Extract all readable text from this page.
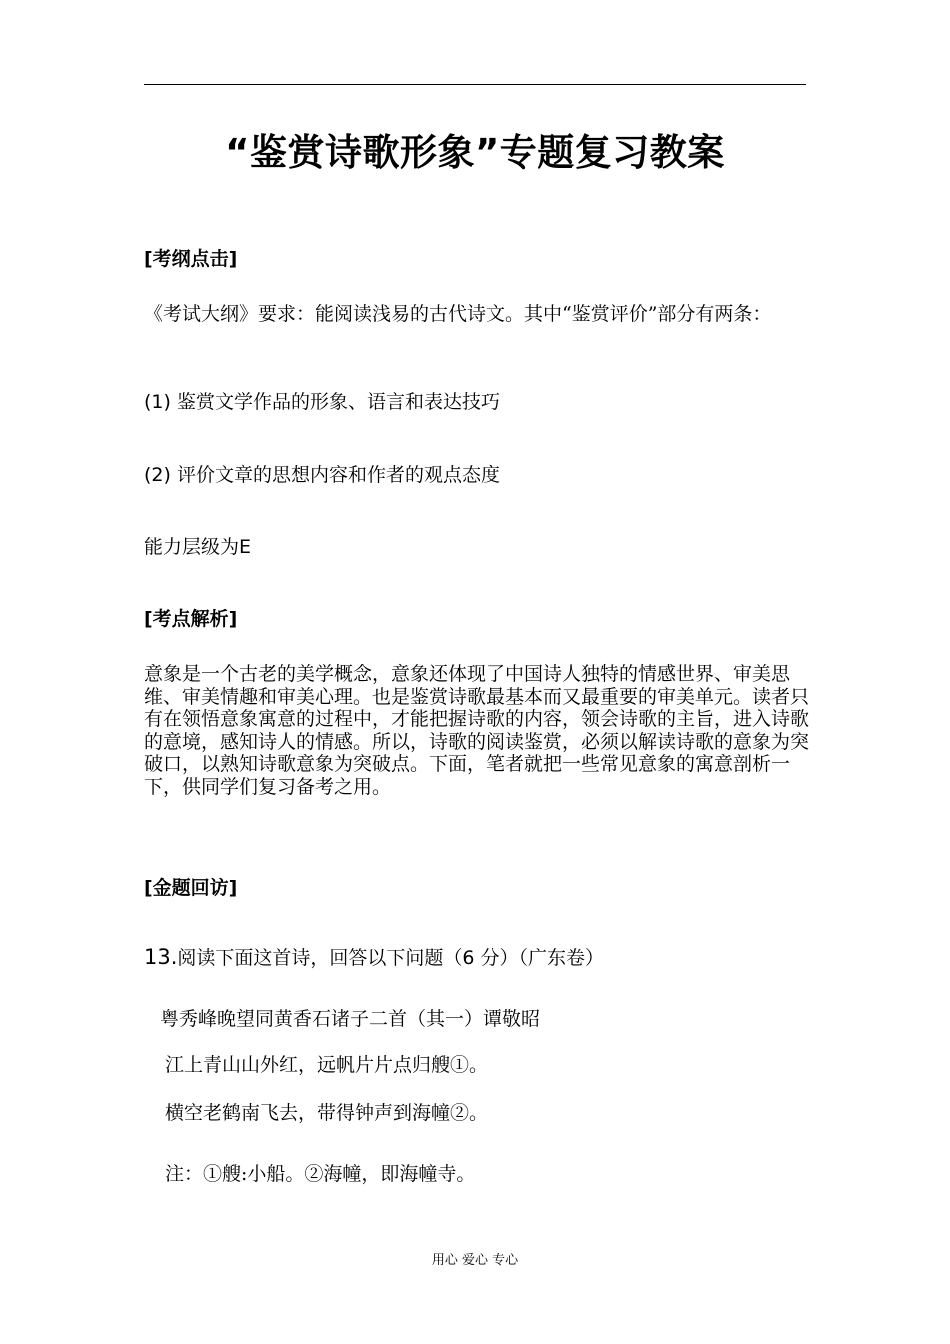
“鉴赏诗歌形象”专题复习教案
[考纲点击]
《考试大纲》要求：能阅读浅易的古代诗文。其中“鉴赏评价”部分有两条：
(1) 鉴赏文学作品的形象、语言和表达技巧
(2) 评价文章的思想内容和作者的观点态度
能力层级为E
[考点解析]
意象是一个古老的美学概念，意象还体现了中国诗人独特的情感世界、审美思维、审美情趣和审美心理。也是鉴赏诗歌最基本而又最重要的审美单元。读者只有在领悟意象寓意的过程中，才能把握诗歌的内容，领会诗歌的主旨，进入诗歌的意境，感知诗人的情感。所以，诗歌的阅读鉴赏，必须以解读诗歌的意象为突破口，以熟知诗歌意象为突破点。下面，笔者就把一些常见意象的寓意剖析一下，供同学们复习备考之用。
[金题回访]
13.阅读下面这首诗，回答以下问题（6 分）（广东卷）
粤秀峰晚望同黄香石诸子二首（其一）谭敬昭
江上青山山外红，远帆片片点归艘①。
横空老鹤南飞去，带得钟声到海幢②。
注：①艘:小船。②海幢，即海幢寺。
用心 爱心 专心
